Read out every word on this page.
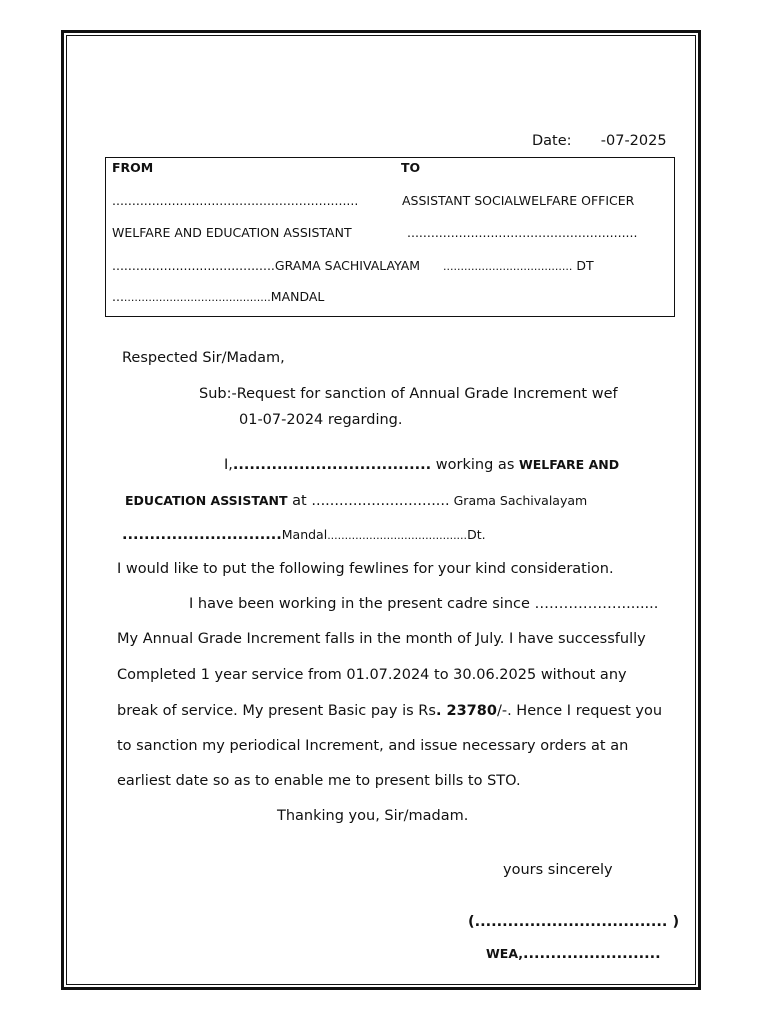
Date: -07-2025
FROM	TO
..............................................................	ASSISTANT SOCIALWELFARE OFFICER
WELFARE AND EDUCATION ASSISTANT	..........................................................
.........................................GRAMA SACHIVALAYAM ..................................... DT
.............................................MANDAL
Respected Sir/Madam,
Sub:-Request for sanction of Annual Grade Increment wef
01-07-2024 regarding.
I,.................................... working as WELFARE AND
EDUCATION ASSISTANT at .............................. Grama Sachivalayam
.............................Mandal........................................Dt.
I would like to put the following fewlines for your kind consideration.
I have been working in the present cadre since ………………........
My Annual Grade Increment falls in the month of July. I have successfully
Completed 1 year service from 01.07.2024 to 30.06.2025 without any
break of service. My present Basic pay is Rs. 23780/-. Hence I request you
to sanction my periodical Increment, and issue necessary orders at an
earliest date so as to enable me to present bills to STO.
Thanking you, Sir/madam.
yours sincerely
(................................... )
WEA,.........................
